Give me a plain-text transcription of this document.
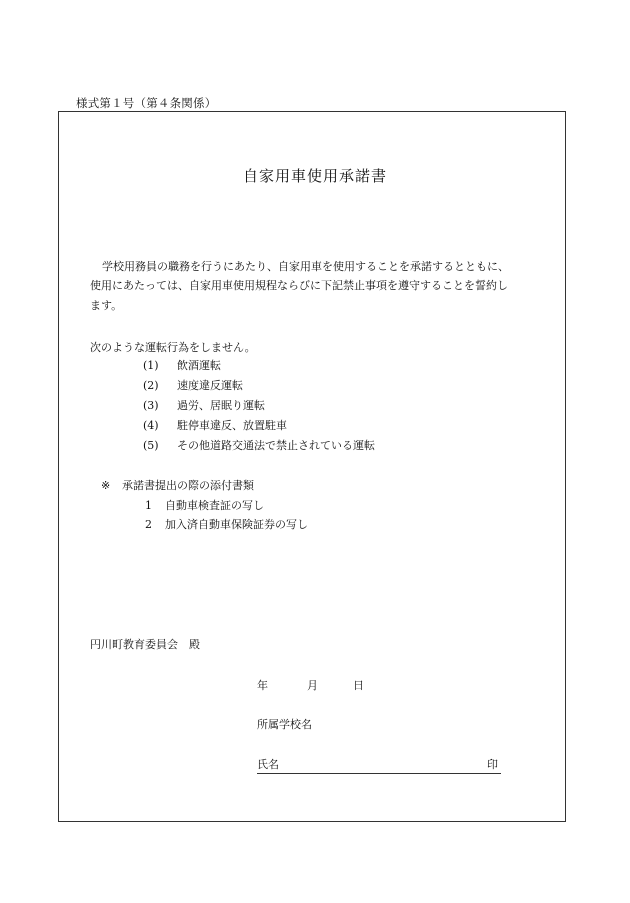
様式第１号（第４条関係）
自家用車使用承諾書
　学校用務員の職務を行うにあたり、自家用車を使用することを承諾するとともに、
使用にあたっては、自家用車使用規程ならびに下記禁止事項を遵守することを誓約し
ます。
次のような運転行為をしません。
(1) 飲酒運転
(2) 速度違反運転
(3) 過労、居眠り運転
(4) 駐停車違反、放置駐車
(5) その他道路交通法で禁止されている運転
※ 承諾書提出の際の添付書類
1 自動車検査証の写し
2 加入済自動車保険証券の写し
円川町教育委員会　殿
年	月	日
所属学校名
氏名	印
